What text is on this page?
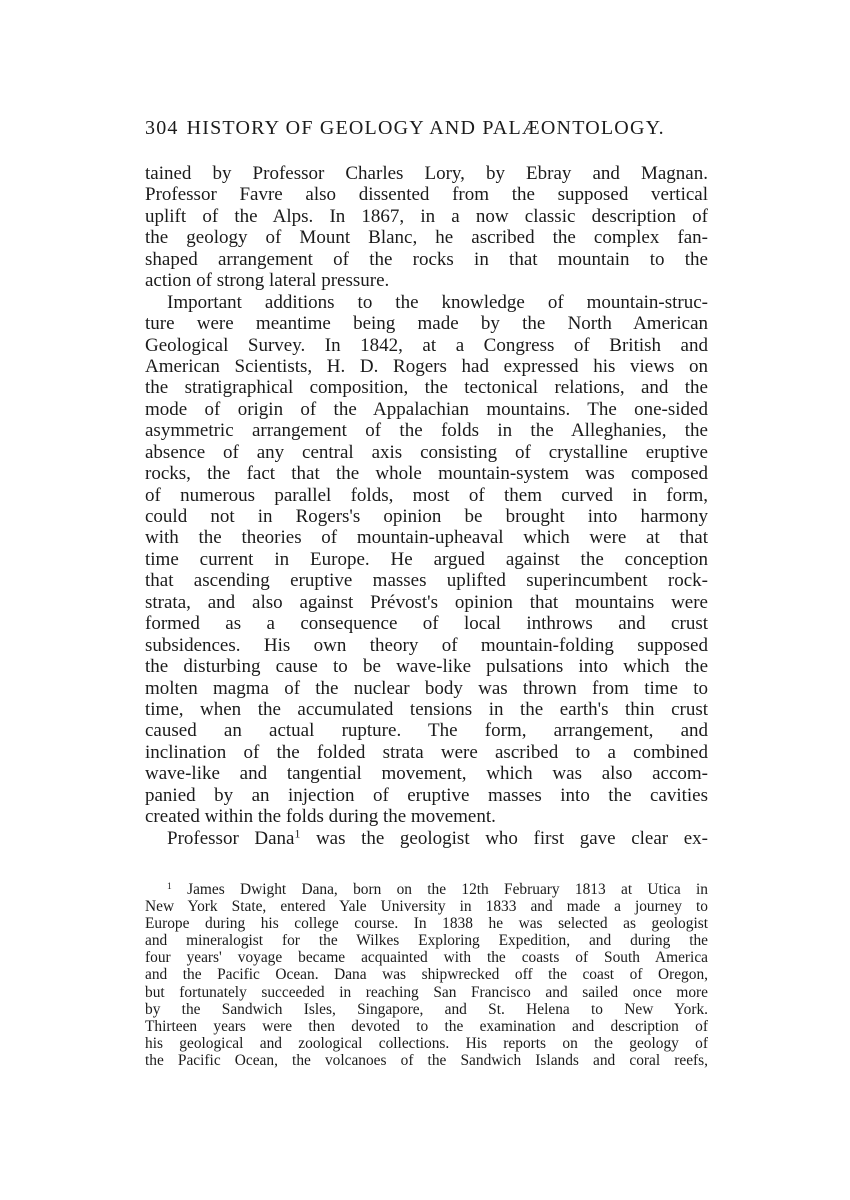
304 HISTORY OF GEOLOGY AND PALÆONTOLOGY.
tained by Professor Charles Lory, by Ebray and Magnan.
Professor Favre also dissented from the supposed vertical
uplift of the Alps. In 1867, in a now classic description of
the geology of Mount Blanc, he ascribed the complex fan-
shaped arrangement of the rocks in that mountain to the
action of strong lateral pressure.
Important additions to the knowledge of mountain-struc-
ture were meantime being made by the North American
Geological Survey. In 1842, at a Congress of British and
American Scientists, H. D. Rogers had expressed his views on
the stratigraphical composition, the tectonical relations, and the
mode of origin of the Appalachian mountains. The one-sided
asymmetric arrangement of the folds in the Alleghanies, the
absence of any central axis consisting of crystalline eruptive
rocks, the fact that the whole mountain-system was composed
of numerous parallel folds, most of them curved in form,
could not in Rogers's opinion be brought into harmony
with the theories of mountain-upheaval which were at that
time current in Europe. He argued against the conception
that ascending eruptive masses uplifted superincumbent rock-
strata, and also against Prévost's opinion that mountains were
formed as a consequence of local inthrows and crust
subsidences. His own theory of mountain-folding supposed
the disturbing cause to be wave-like pulsations into which the
molten magma of the nuclear body was thrown from time to
time, when the accumulated tensions in the earth's thin crust
caused an actual rupture. The form, arrangement, and
inclination of the folded strata were ascribed to a combined
wave-like and tangential movement, which was also accom-
panied by an injection of eruptive masses into the cavities
created within the folds during the movement.
Professor Dana$^1$ was the geologist who first gave clear ex-
$^1$ James Dwight Dana, born on the 12th February 1813 at Utica in
New York State, entered Yale University in 1833 and made a journey to
Europe during his college course. In 1838 he was selected as geologist
and mineralogist for the Wilkes Exploring Expedition, and during the
four years' voyage became acquainted with the coasts of South America
and the Pacific Ocean. Dana was shipwrecked off the coast of Oregon,
but fortunately succeeded in reaching San Francisco and sailed once more
by the Sandwich Isles, Singapore, and St. Helena to New York.
Thirteen years were then devoted to the examination and description of
his geological and zoological collections. His reports on the geology of
the Pacific Ocean, the volcanoes of the Sandwich Islands and coral reefs,
